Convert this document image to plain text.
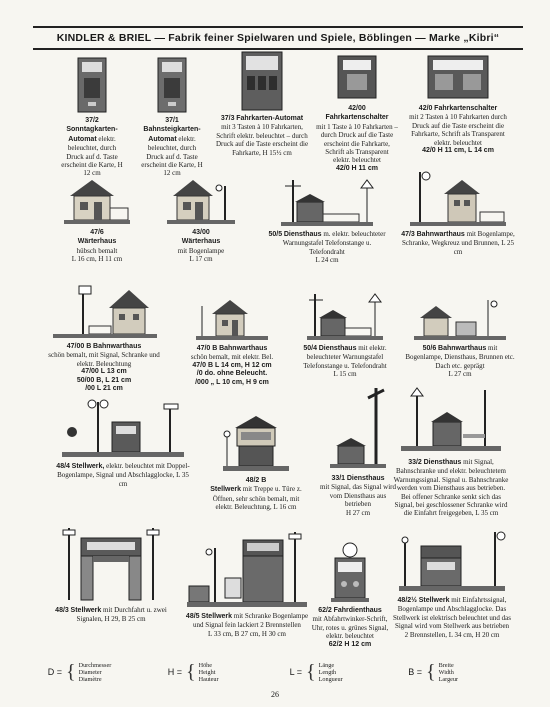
KINDLER & BRIEL
— Fabrik feiner Spielwaren und Spiele, Böblingen — Marke „Kibri“
37/2
Sonntagkarten-Automat elektr. beleuchtet, durch Druck auf d. Taste erscheint die Karte, H 12 cm
37/1
Bahnsteigkarten-Automat elektr. beleuchtet, durch Druck auf d. Taste erscheint die Karte, H 12 cm
37/3 Fahrkarten-Automat
mit 3 Tasten à 10 Fahrkarten, Schrift elektr. beleuchtet – durch Druck auf die Taste erscheint die Fahrkarte, H 15½ cm
42/00 Fahrkartenschalter
mit 1 Taste à 10 Fahrkarten – durch Druck auf die Taste erscheint die Fahrkarte, Schrift als Transparent elektr. beleuchtet
42/0 H 11 cm
42/0 Fahrkartenschalter
mit 2 Tasten à 10 Fahrkarten durch Druck auf die Taste erscheint die Fahrkarte, Schrift als Transparent elektr. beleuchtet
42/0 H 11 cm, L 14 cm
47/6
Wärterhaus
hübsch bemalt
L 16 cm, H 11 cm
43/00
Wärterhaus
mit Bogenlampe
L 17 cm
50/5 Diensthaus m. elektr. beleuchteter Warnungstafel Telefonstange u. Telefondraht
L 24 cm
47/3 Bahnwarthaus mit Bogenlampe, Schranke, Wegkreuz und Brunnen, L 25 cm
47/00 B Bahnwarthaus
schön bemalt, mit Signal, Schranke und elektr. Beleuchtung
47/00 L 13 cm
50/00 B, L 21 cm
/00 L 21 cm
47/0 B Bahnwarthaus
schön bemalt, mit elektr. Bel.
47/0 B L 14 cm, H 12 cm
/0 do. ohne Beleucht.
/000 „ L 10 cm, H 9 cm
50/4 Diensthaus mit elektr. beleuchteter Warnungstafel Telefonstange u. Telefondraht
L 15 cm
50/6 Bahnwarthaus mit Bogenlampe, Diensthaus, Brunnen etc. Dach etc. geprägt
L 27 cm
48/4 Stellwerk, elektr. beleuchtet mit Doppel-Bogenlampe, Signal und Abschlagglocke, L 35 cm	48/2 B
Stellwerk mit Treppe u. Türe z. Öffnen, sehr schön bemalt, mit elektr. Beleuchtung, L 16 cm
33/1 Diensthaus
mit Signal, das Signal wird vom Diensthaus aus betrieben
H 27 cm
33/2 Diensthaus mit Signal, Bahnschranke und elektr. beleuchtetem Warnungssignal. Signal u. Bahnschranke werden vom Diensthaus aus betrieben. Bei offener Schranke senkt sich das Signal, bei geschlossener Schranke wird die Einfahrt freigegeben, L 35 cm
48/3 Stellwerk mit Durchfahrt u. zwei Signalen, H 29, B 25 cm	48/5 Stellwerk mit Schranke Bogenlampe und Signal fein lackiert 2 Brennstellen
L 33 cm, B 27 cm, H 30 cm
62/2 Fahrdienthaus
mit Abfahrtwinker-Schrift, Uhr, rotes u. grünes Signal, elektr. beleuchtet
62/2 H 12 cm
48/2½ Stellwerk mit Einfahrtssignal, Bogenlampe und Abschlagglocke. Das Stellwerk ist elektrisch beleuchtet und das Signal wird vom Stellwerk aus betrieben
2 Brennstellen, L 34 cm, H 20 cm
D = { Durchmesser
Diameter
Diamètre
H = { Höhe
Height
Hauteur
L = { Länge
Length
Longueur
B = { Breite
Width
Largeur
26
